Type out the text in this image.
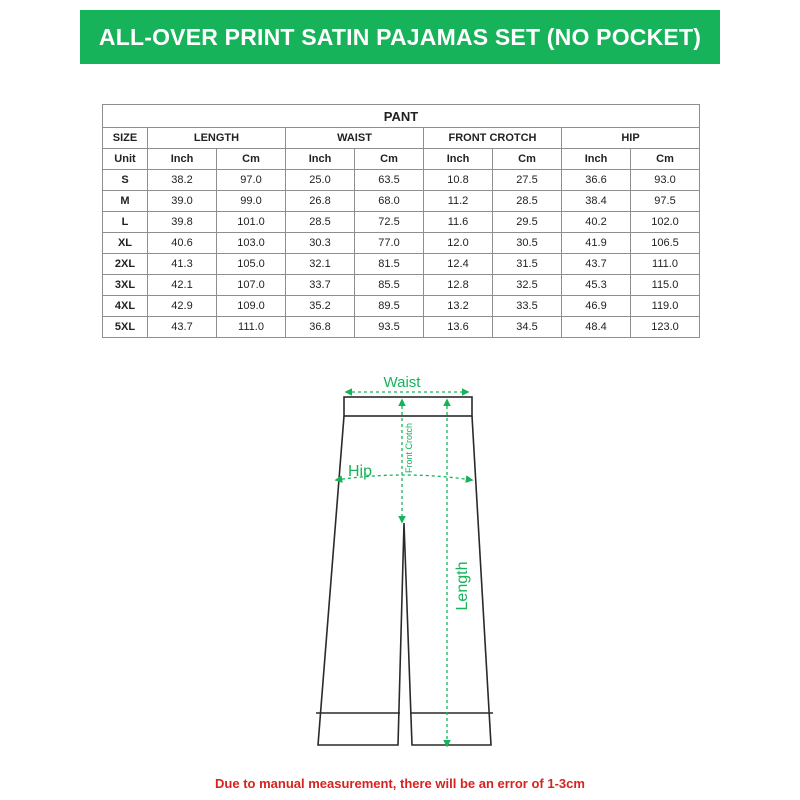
ALL-OVER PRINT SATIN PAJAMAS SET (NO POCKET)
PANT								
SIZE	LENGTH		WAIST		FRONT CROTCH		HIP	
Unit	Inch	Cm	Inch	Cm	Inch	Cm	Inch	Cm
S	38.2	97.0	25.0	63.5	10.8	27.5	36.6	93.0
M	39.0	99.0	26.8	68.0	11.2	28.5	38.4	97.5
L	39.8	101.0	28.5	72.5	11.6	29.5	40.2	102.0
XL	40.6	103.0	30.3	77.0	12.0	30.5	41.9	106.5
2XL	41.3	105.0	32.1	81.5	12.4	31.5	43.7	111.0
3XL	42.1	107.0	33.7	85.5	12.8	32.5	45.3	115.0
4XL	42.9	109.0	35.2	89.5	13.2	33.5	46.9	119.0
5XL	43.7	111.0	36.8	93.5	13.6	34.5	48.4	123.0
Waist
Hip	Front Crotch
Length
Due to manual measurement, there will be an error of 1-3cm
